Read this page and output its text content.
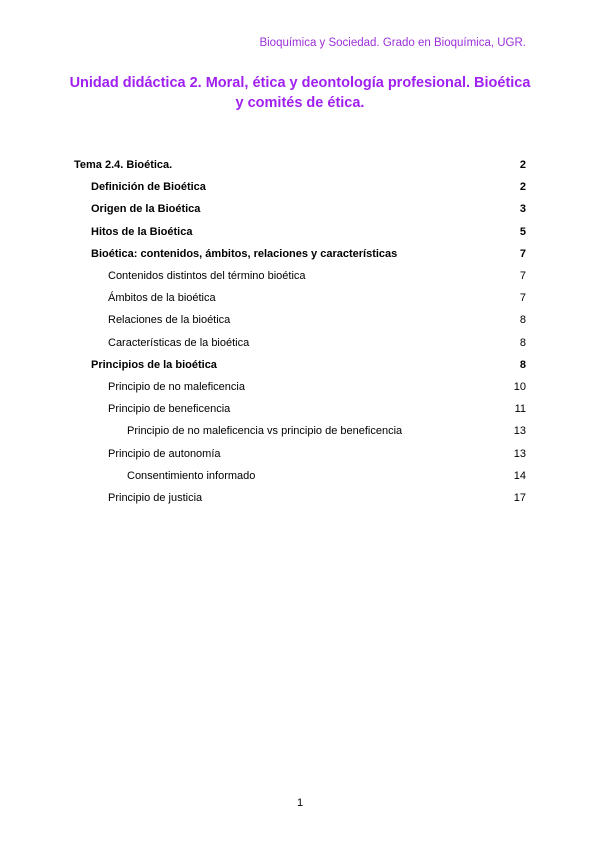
Bioquímica y Sociedad. Grado en Bioquímica, UGR.
Unidad didáctica 2. Moral, ética y deontología profesional. Bioética
y comités de ética.
Tema 2.4. Bioética.	2
Definición de Bioética	2
Origen de la Bioética	3
Hitos de la Bioética	5
Bioética: contenidos, ámbitos, relaciones y características	7
Contenidos distintos del término bioética	7
Ámbitos de la bioética	7
Relaciones de la bioética	8
Características de la bioética	8
Principios de la bioética	8
Principio de no maleficencia	10
Principio de beneficencia	11
Principio de no maleficencia vs principio de beneficencia	13
Principio de autonomía	13
Consentimiento informado	14
Principio de justicia	17
1
